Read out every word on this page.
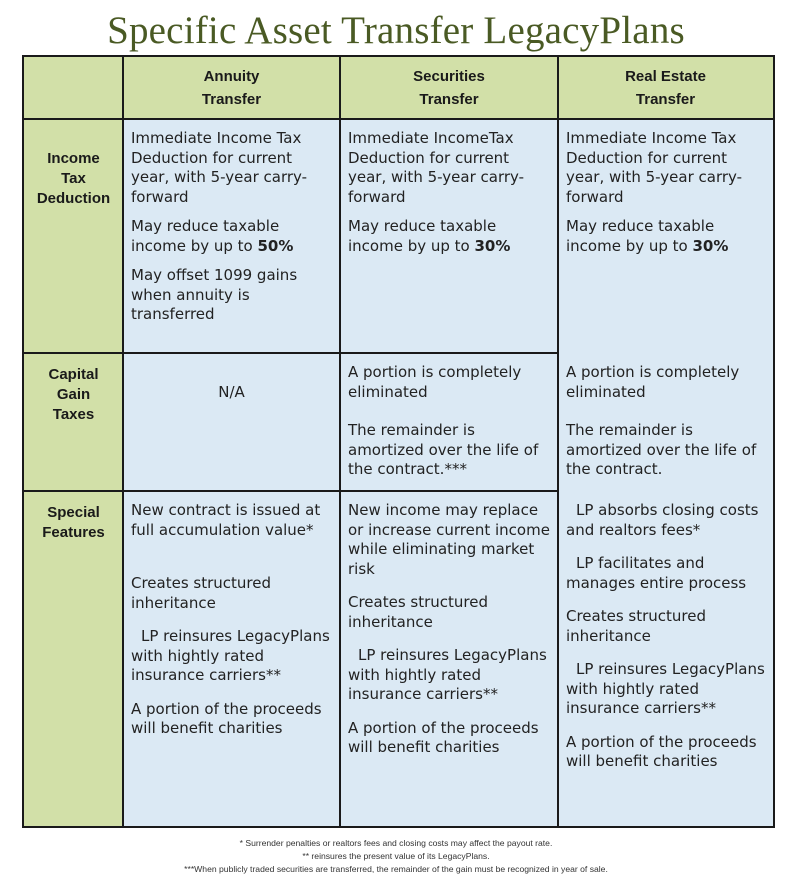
Specific Asset Transfer LegacyPlans
Annuity
Transfer
Securities
Transfer
Real Estate
Transfer
Income
Tax
Deduction
Capital
Gain
Taxes
Special
Features

Immediate Income Tax Deduction for current year, with 5-year carry-forward

May reduce taxable income by up to 50%

May offset 1099 gains when annuity is transferred

Immediate IncomeTax Deduction for current year, with 5-year carry-forward

May reduce taxable income by up to 30%

Immediate Income Tax Deduction for current year, with 5-year carry-forward

May reduce taxable income by up to 30%

N/A

A portion is completely eliminated

The remainder is amortized over the life of the contract.***

A portion is completely eliminated

The remainder is amortized over the life of the contract.

New contract is issued at full accumulation value*

Creates structured inheritance

LP reinsures LegacyPlans with hightly rated insurance carriers**

A portion of the proceeds will benefit charities

New income may replace or increase current income while eliminating market risk

Creates structured inheritance

LP reinsures LegacyPlans with hightly rated insurance carriers**

A portion of the proceeds will benefit charities

LP absorbs closing costs and realtors fees*

LP facilitates and manages entire process

Creates structured inheritance

LP reinsures LegacyPlans with hightly rated insurance carriers**

A portion of the proceeds will benefit charities

* Surrender penalties or realtors fees and closing costs may affect the payout rate.
** reinsures the present value of its LegacyPlans.
***When publicly traded securities are transferred, the remainder of the gain must be recognized in year of sale.
